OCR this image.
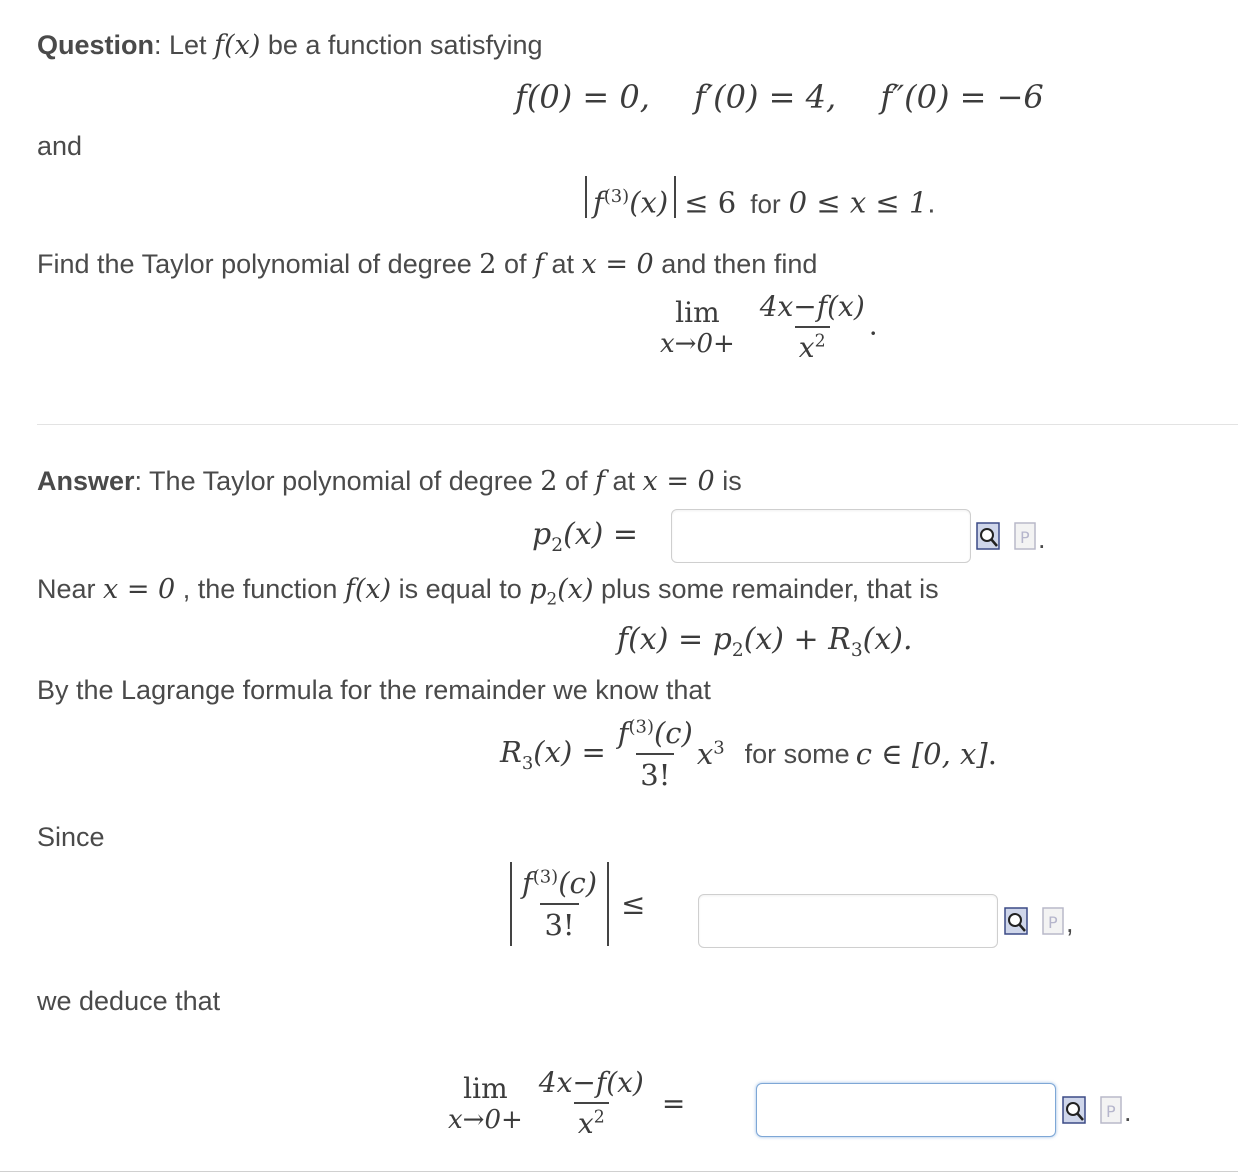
Question: Let f(x) be a function satisfying
f(0) = 0, f′(0) = 4, f″(0) = −6
and
$f^{(3)}(x) \le 6$ for 0 ≤ x ≤ 1.
Find the Taylor polynomial of degree 2 of f at x = 0 and then find
lim
x→0+
$\frac{4x-f(x)}{x^2}$ .
Answer: The Taylor polynomial of degree 2 of f at x = 0 is
$p_2(x)$ =	P .
Near x = 0 , the function f(x) is equal to $p_2(x)$ plus some remainder, that is
$f(x) = p_2(x) + R_3(x)$.
By the Lagrange formula for the remainder we know that
$R_3(x) = \frac{f^{(3)}(c)}{3!} x^3$ for some c ∈ [0, x] .
Since
$\frac{f^{(3)}(c)}{3!}$ ≤
P ,
we deduce that
lim
$x\to 0+ \frac{4x-f(x)}{x^2}$ =	P .
